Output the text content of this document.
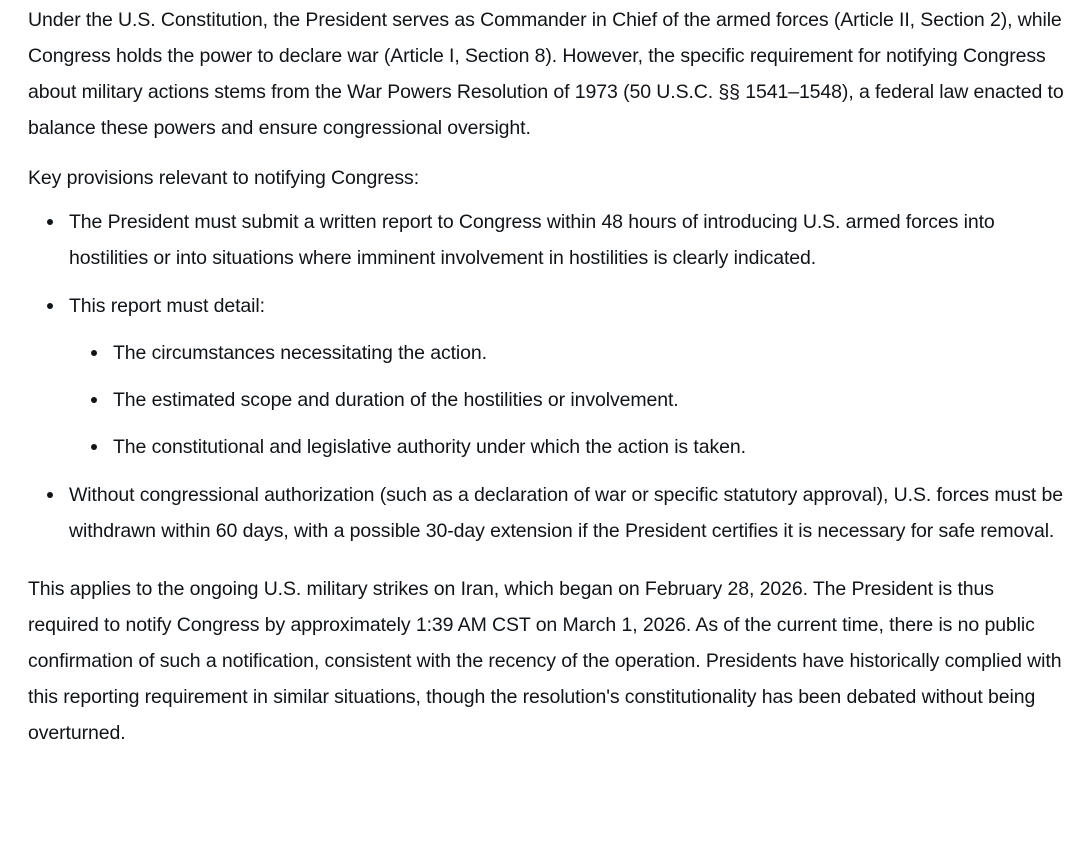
Under the U.S. Constitution, the President serves as Commander in Chief of the armed forces (Article II, Section 2), while Congress holds the power to declare war (Article I, Section 8). However, the specific requirement for notifying Congress about military actions stems from the War Powers Resolution of 1973 (50 U.S.C. §§ 1541–1548), a federal law enacted to balance these powers and ensure congressional oversight.

Key provisions relevant to notifying Congress:

The President must submit a written report to Congress within 48 hours of introducing U.S. armed forces into hostilities or into situations where imminent involvement in hostilities is clearly indicated.
This report must detail:
The circumstances necessitating the action.
The estimated scope and duration of the hostilities or involvement.
The constitutional and legislative authority under which the action is taken.
Without congressional authorization (such as a declaration of war or specific statutory approval), U.S. forces must be withdrawn within 60 days, with a possible 30-day extension if the President certifies it is necessary for safe removal.

This applies to the ongoing U.S. military strikes on Iran, which began on February 28, 2026. The President is thus required to notify Congress by approximately 1:39 AM CST on March 1, 2026. As of the current time, there is no public confirmation of such a notification, consistent with the recency of the operation. Presidents have historically complied with this reporting requirement in similar situations, though the resolution's constitutionality has been debated without being overturned.
